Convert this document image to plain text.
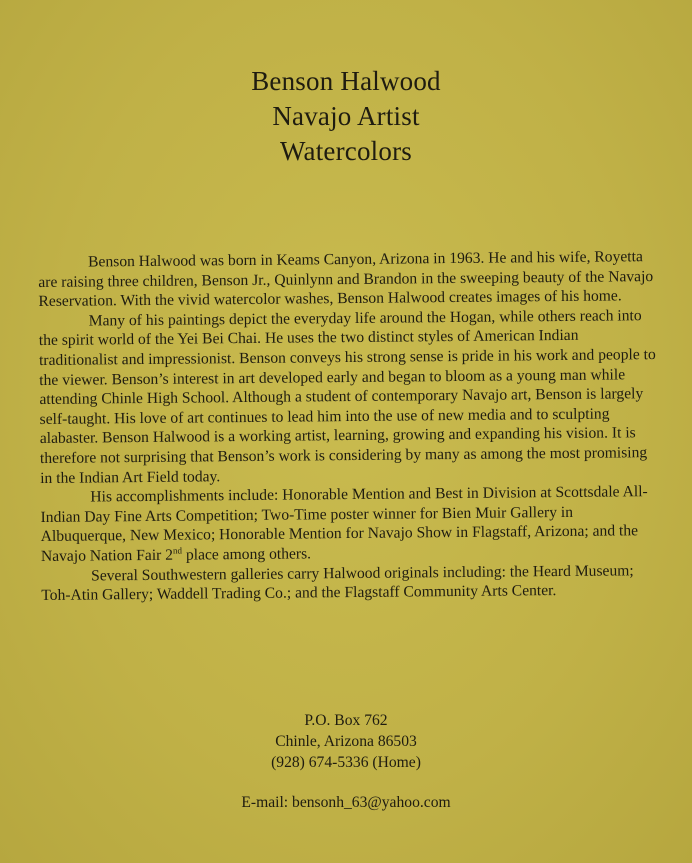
Benson Halwood
Navajo Artist
Watercolors

Benson Halwood was born in Keams Canyon, Arizona in 1963. He and his wife, Royetta are raising three children, Benson Jr., Quinlynn and Brandon in the sweeping beauty of the Navajo Reservation. With the vivid watercolor washes, Benson Halwood creates images of his home.

Many of his paintings depict the everyday life around the Hogan, while others reach into the spirit world of the Yei Bei Chai. He uses the two distinct styles of American Indian traditionalist and impressionist. Benson conveys his strong sense is pride in his work and people to the viewer. Benson’s interest in art developed early and began to bloom as a young man while attending Chinle High School. Although a student of contemporary Navajo art, Benson is largely self-taught. His love of art continues to lead him into the use of new media and to sculpting alabaster. Benson Halwood is a working artist, learning, growing and expanding his vision. It is therefore not surprising that Benson’s work is considering by many as among the most promising in the Indian Art Field today.

His accomplishments include: Honorable Mention and Best in Division at Scottsdale All-Indian Day Fine Arts Competition; Two-Time poster winner for Bien Muir Gallery in Albuquerque, New Mexico; Honorable Mention for Navajo Show in Flagstaff, Arizona; and the Navajo Nation Fair 2nd place among others.

Several Southwestern galleries carry Halwood originals including: the Heard Museum; Toh-Atin Gallery; Waddell Trading Co.; and the Flagstaff Community Arts Center.

P.O. Box 762
Chinle, Arizona 86503
(928) 674-5336 (Home)
E-mail: bensonh_63@yahoo.com
